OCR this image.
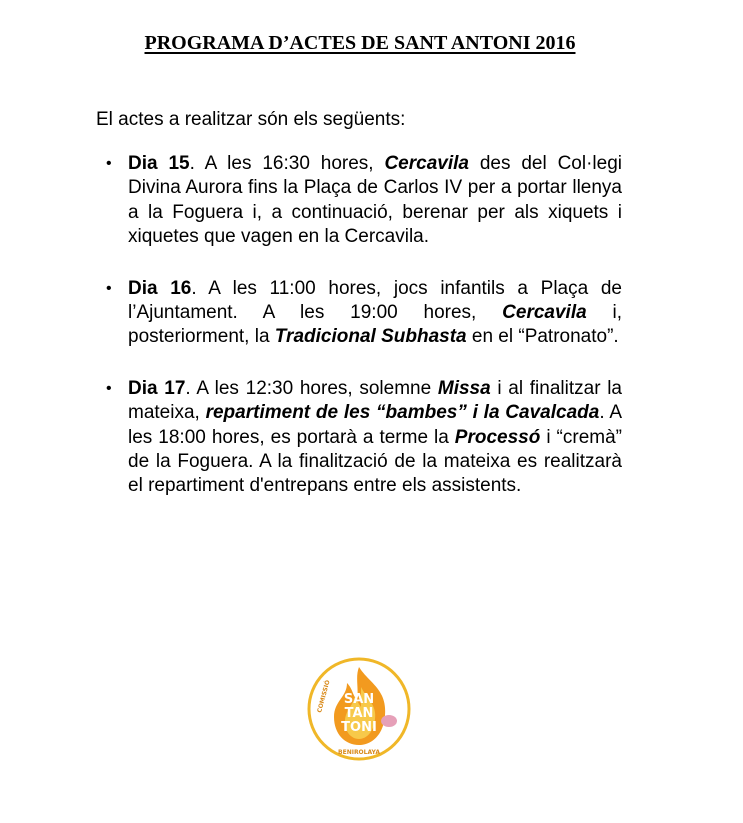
PROGRAMA D’ACTES DE SANT ANTONI 2016
El actes a realitzar són els següents:
• Dia 15. A les 16:30 hores, Cercavila des del Col·legi Divina Aurora fins la Plaça de Carlos IV per a portar llenya a la Foguera i, a continuació, berenar per als xiquets i xiquetes que vagen en la Cercavila.
• Dia 16. A les 11:00 hores, jocs infantils a Plaça de l’Ajuntament. A les 19:00 hores, Cercavila i, posteriorment, la Tradicional Subhasta en el “Patronato”.
• Dia 17. A les 12:30 hores, solemne Missa i al finalitzar la mateixa, repartiment de les “bambes” i la Cavalcada. A les 18:00 hores, es portarà a terme la Processó i “cremà” de la Foguera. A la finalització de la mateixa es realitzarà el repartiment d'entrepans entre els assistents.
SAN
TAN
TONI
COMISSIÓ
BENIROLAYA
